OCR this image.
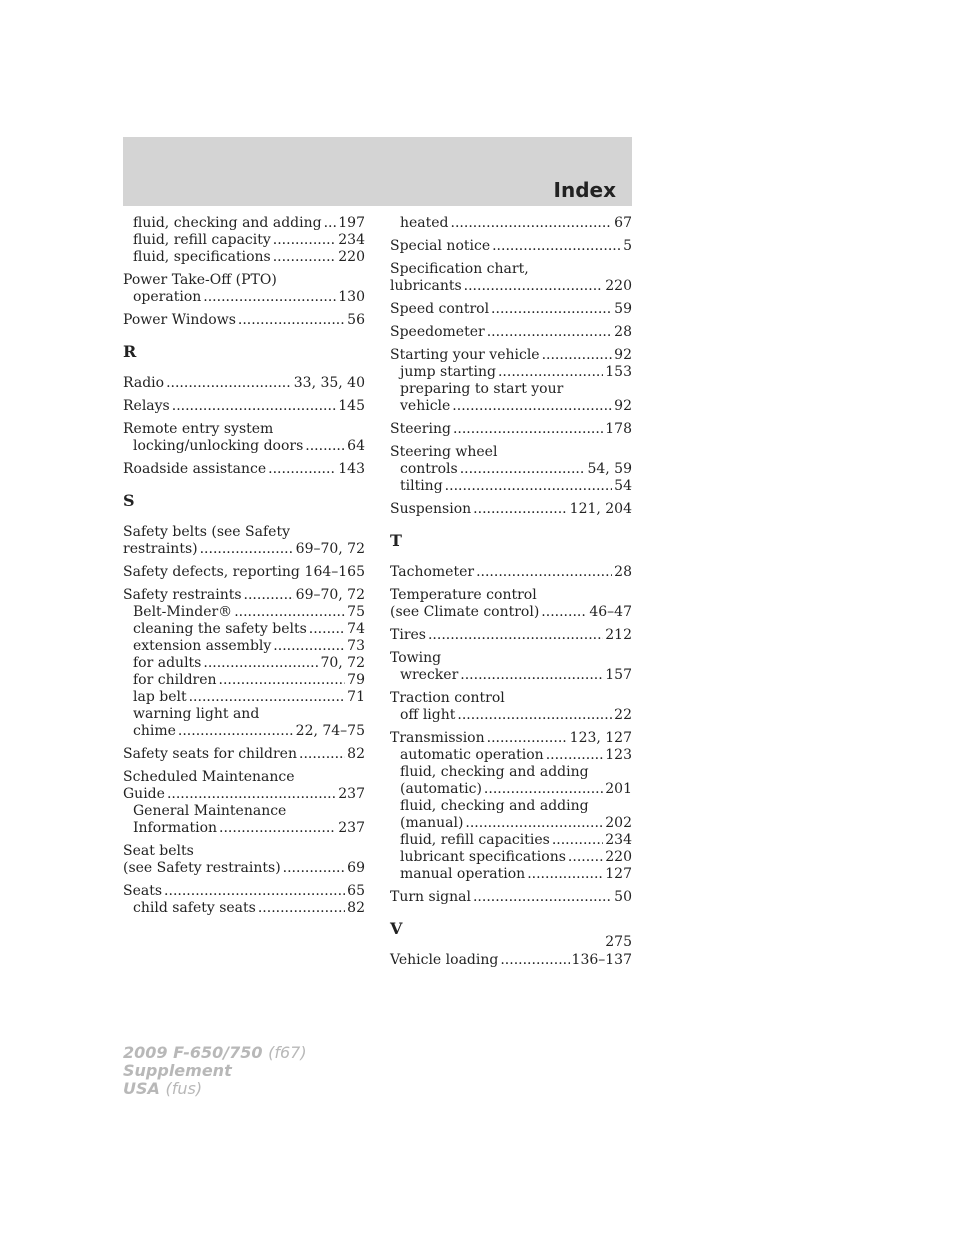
Index
fluid, checking and adding ..... 197
fluid, refill capacity .....	234
fluid, specifications .....	220
Power Take-Off (PTO)
operation .....	130
Power Windows .....	56
R
Radio .....	33, 35, 40
Relays .....	145
Remote entry system
locking/unlocking doors .....	64
Roadside assistance .....	143
S
Safety belts (see Safety
restraints) .....	69–70, 72
Safety defects, reporting ..... 164–165
Safety restraints .....	69–70, 72
Belt-Minder® .....	75
cleaning the safety belts .....	74
extension assembly .....	73
for adults .....	70, 72
for children .....	79
lap belt .....	71
warning light and
chime .....	22, 74–75
Safety seats for children .....	82
Scheduled Maintenance
Guide .....	237
General Maintenance
Information .....	237
Seat belts
(see Safety restraints) .....	69
Seats .....	65
child safety seats .....	82
heated .....	67
Special notice .....	5
Specification chart,
lubricants .....	220
Speed control .....	59
Speedometer .....	28
Starting your vehicle .....	92
jump starting .....	153
preparing to start your
vehicle .....	92
Steering .....	178
Steering wheel
controls .....	54, 59
tilting .....	54
Suspension .....	121, 204
T
Tachometer .....	28
Temperature control
(see Climate control) .....	46–47
Tires .....	212
Towing
wrecker .....	157
Traction control
off light .....	22
Transmission .....	123, 127
automatic operation .....	123
fluid, checking and adding
(automatic) .....	201
fluid, checking and adding
(manual) .....	202
fluid, refill capacities .....	234
lubricant specifications .....	220
manual operation .....	127
Turn signal .....	50
V
Vehicle loading .....	136–137
275
2009 F-650/750 (f67)
Supplement
USA (fus)
